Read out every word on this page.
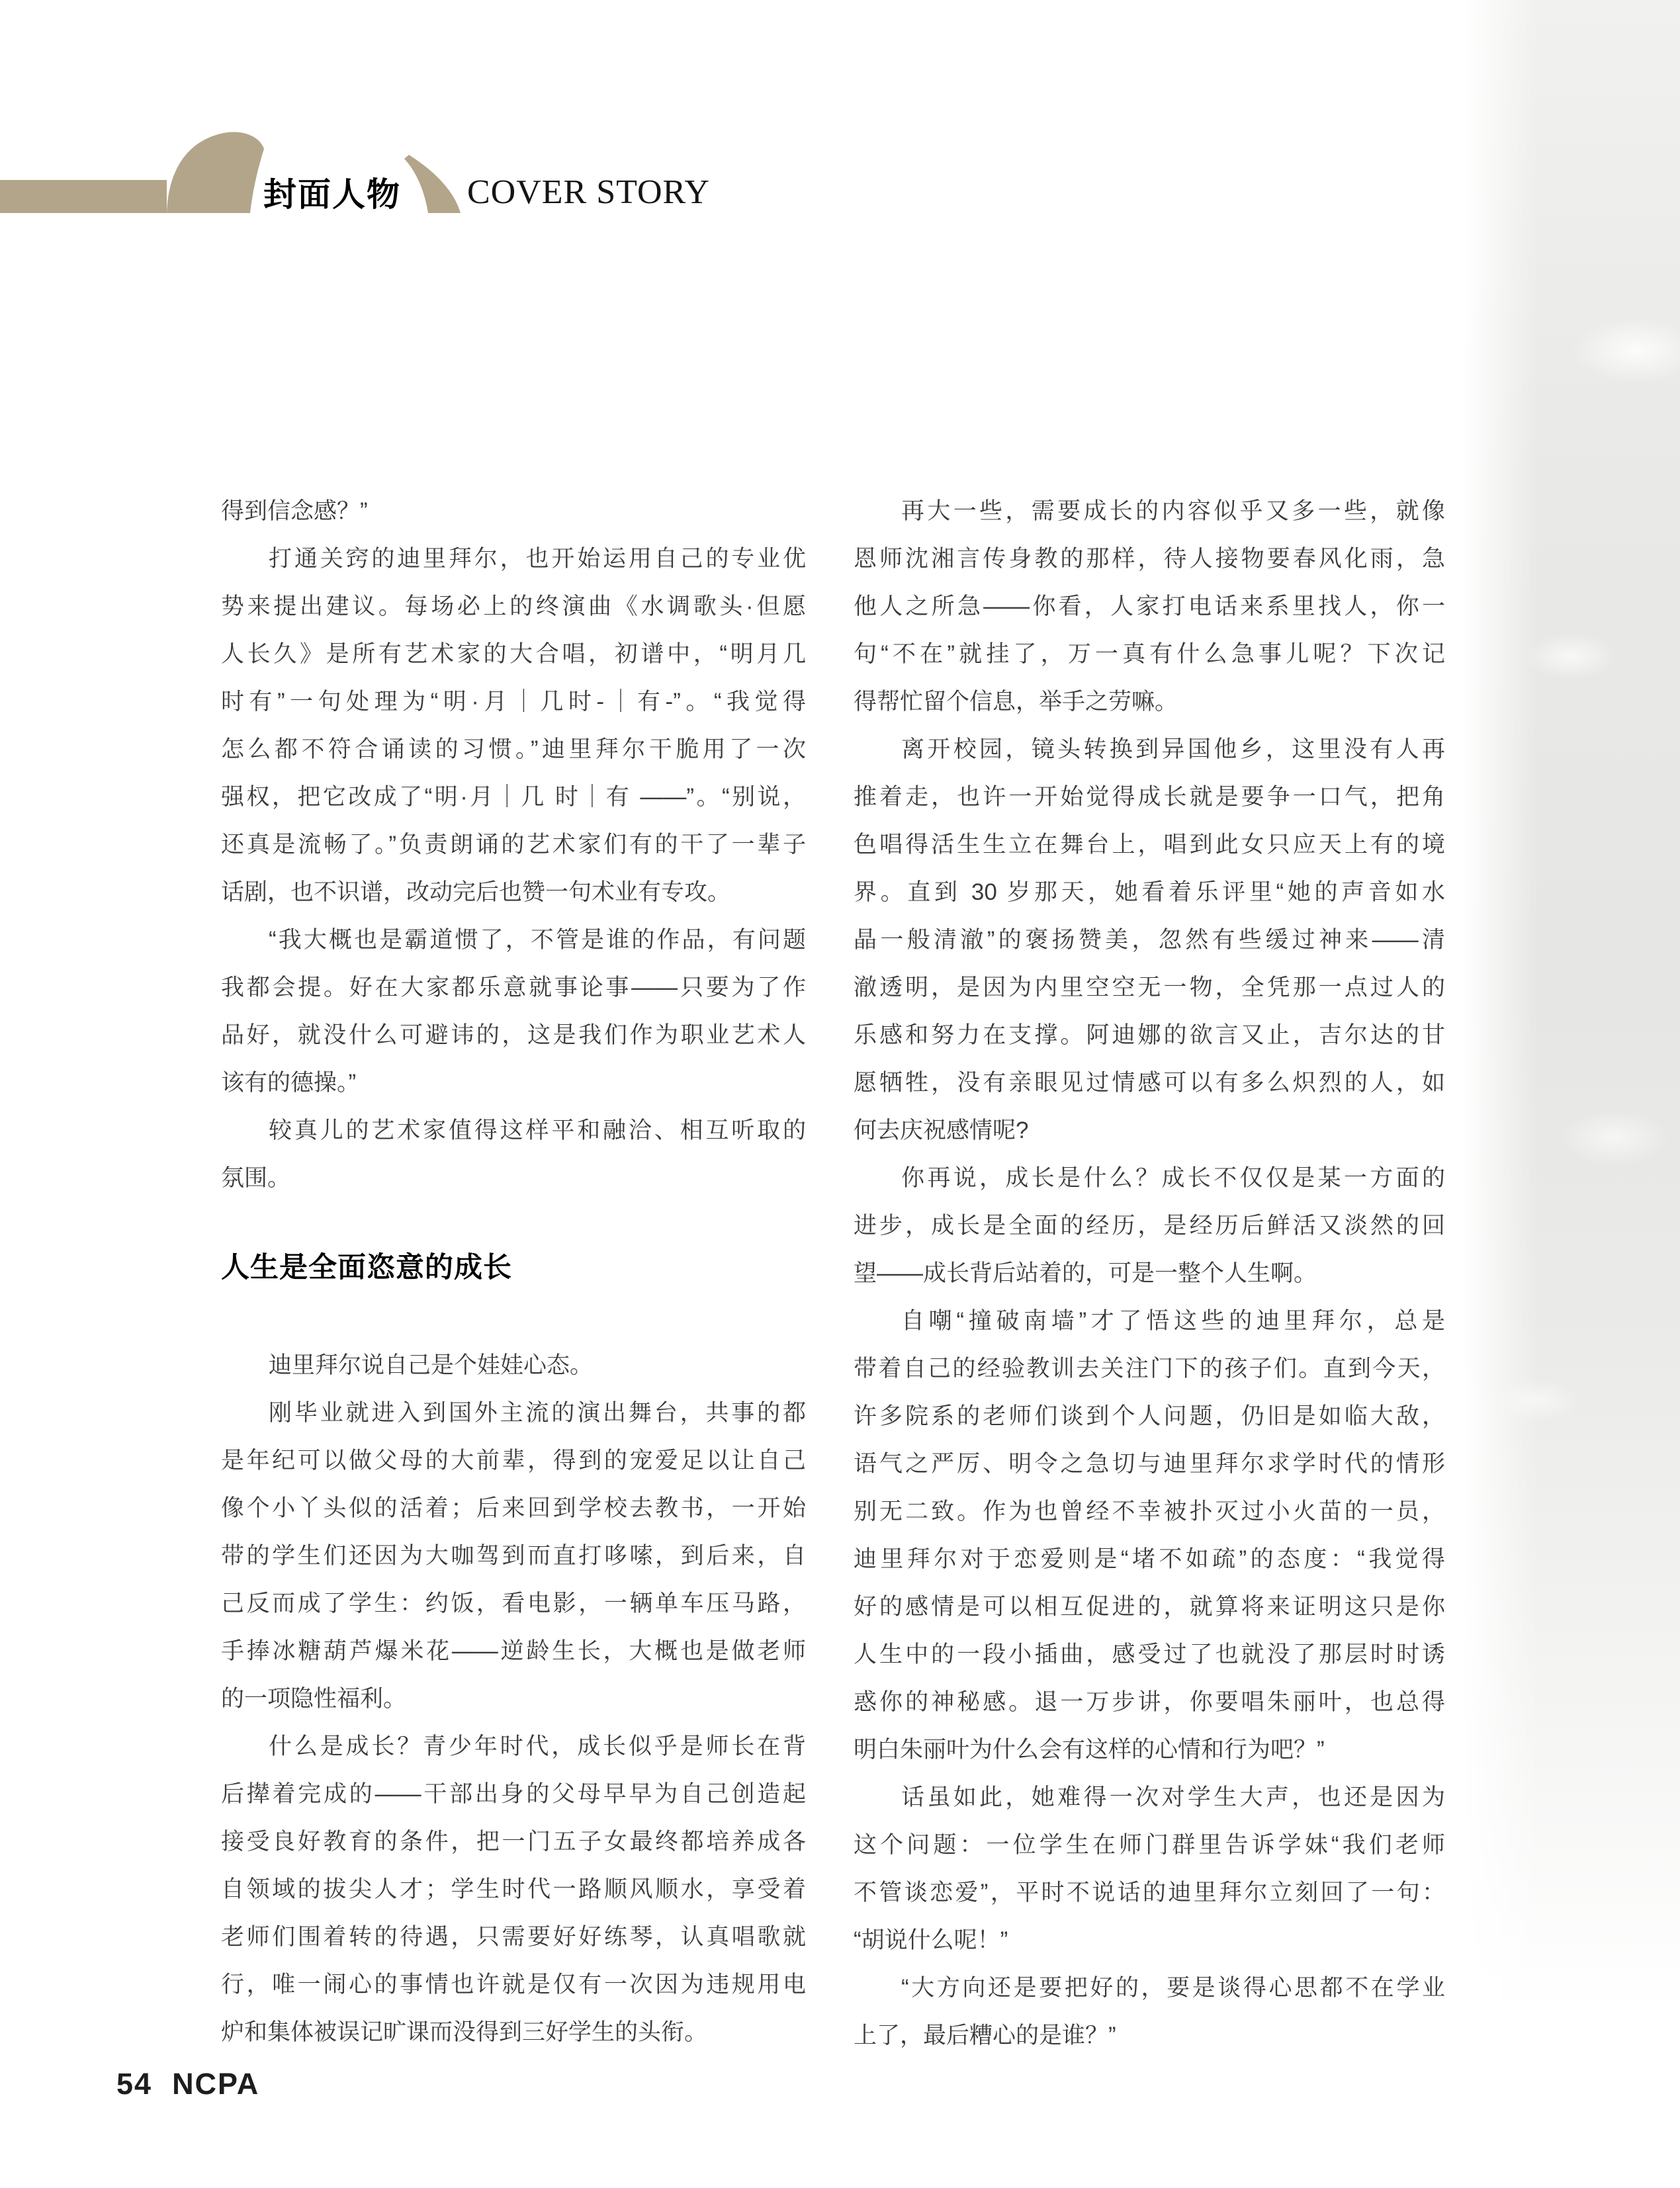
封面人物 COVER STORY
得到信念感？”
打通关窍的迪里拜尔，也开始运用自己的专业优
势来提出建议。每场必上的终演曲《水调歌头·但愿
人长久》是所有艺术家的大合唱，初谱中，“明月几
时有”一句处理为“明·月｜几时-｜有-”。“我觉得
怎么都不符合诵读的习惯。”迪里拜尔干脆用了一次
强权，把它改成了“明·月｜几 时｜有 ——”。“别说，
还真是流畅了。”负责朗诵的艺术家们有的干了一辈子
话剧，也不识谱，改动完后也赞一句术业有专攻。
“我大概也是霸道惯了，不管是谁的作品，有问题
我都会提。好在大家都乐意就事论事——只要为了作
品好，就没什么可避讳的，这是我们作为职业艺术人
该有的德操。”
较真儿的艺术家值得这样平和融洽、相互听取的
氛围。
人生是全面恣意的成长
迪里拜尔说自己是个娃娃心态。
刚毕业就进入到国外主流的演出舞台，共事的都
是年纪可以做父母的大前辈，得到的宠爱足以让自己
像个小丫头似的活着；后来回到学校去教书，一开始
带的学生们还因为大咖驾到而直打哆嗦，到后来，自
己反而成了学生：约饭，看电影，一辆单车压马路，
手捧冰糖葫芦爆米花——逆龄生长，大概也是做老师
的一项隐性福利。
什么是成长？青少年时代，成长似乎是师长在背
后撵着完成的——干部出身的父母早早为自己创造起
接受良好教育的条件，把一门五子女最终都培养成各
自领域的拔尖人才；学生时代一路顺风顺水，享受着
老师们围着转的待遇，只需要好好练琴，认真唱歌就
行，唯一闹心的事情也许就是仅有一次因为违规用电
炉和集体被误记旷课而没得到三好学生的头衔。
再大一些，需要成长的内容似乎又多一些，就像
恩师沈湘言传身教的那样，待人接物要春风化雨，急
他人之所急——你看，人家打电话来系里找人，你一
句“不在”就挂了，万一真有什么急事儿呢？下次记
得帮忙留个信息，举手之劳嘛。
离开校园，镜头转换到异国他乡，这里没有人再
推着走，也许一开始觉得成长就是要争一口气，把角
色唱得活生生立在舞台上，唱到此女只应天上有的境
界。直到 30 岁那天，她看着乐评里“她的声音如水
晶一般清澈”的褒扬赞美，忽然有些缓过神来——清
澈透明，是因为内里空空无一物，全凭那一点过人的
乐感和努力在支撑。阿迪娜的欲言又止，吉尔达的甘
愿牺牲，没有亲眼见过情感可以有多么炽烈的人，如
何去庆祝感情呢?
你再说，成长是什么？成长不仅仅是某一方面的
进步，成长是全面的经历，是经历后鲜活又淡然的回
望——成长背后站着的，可是一整个人生啊。
自嘲“撞破南墙”才了悟这些的迪里拜尔，总是
带着自己的经验教训去关注门下的孩子们。直到今天，
许多院系的老师们谈到个人问题，仍旧是如临大敌，
语气之严厉、明令之急切与迪里拜尔求学时代的情形
别无二致。作为也曾经不幸被扑灭过小火苗的一员，
迪里拜尔对于恋爱则是“堵不如疏”的态度：“我觉得
好的感情是可以相互促进的，就算将来证明这只是你
人生中的一段小插曲，感受过了也就没了那层时时诱
惑你的神秘感。退一万步讲，你要唱朱丽叶，也总得
明白朱丽叶为什么会有这样的心情和行为吧？”
话虽如此，她难得一次对学生大声，也还是因为
这个问题：一位学生在师门群里告诉学妹“我们老师
不管谈恋爱”，平时不说话的迪里拜尔立刻回了一句：
“胡说什么呢！”
“大方向还是要把好的，要是谈得心思都不在学业
上了，最后糟心的是谁？”
54 NCPA
